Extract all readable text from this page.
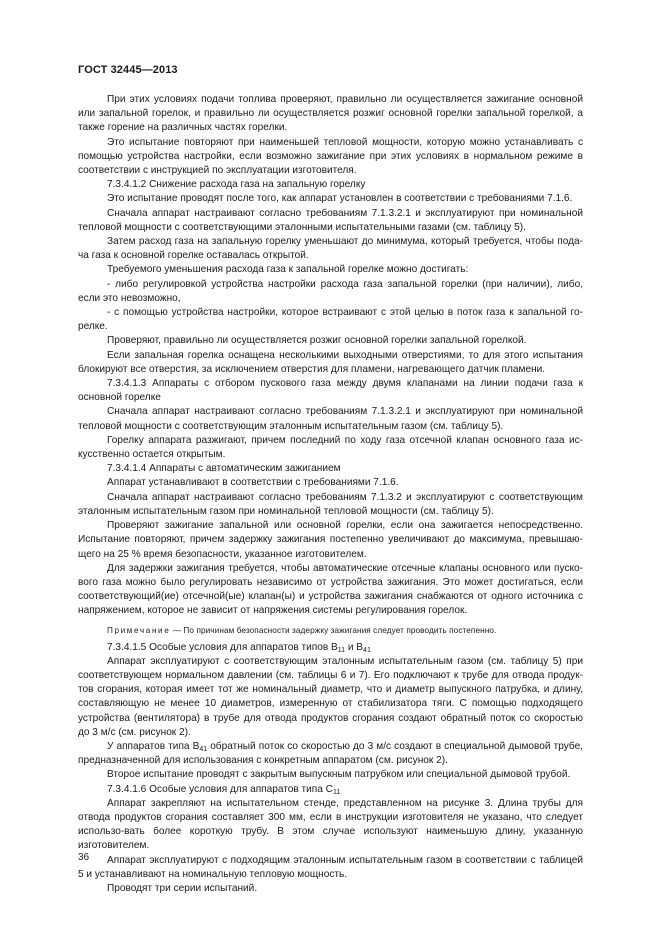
ГОСТ 32445—2013

При этих условиях подачи топлива проверяют, правильно ли осуществляется зажигание основной или запальной горелок, и правильно ли осуществляется розжиг основной горелки запальной горелкой, а также горение на различных частях горелки.

Это испытание повторяют при наименьшей тепловой мощности, которую можно устанавливать с помощью устройства настройки, если возможно зажигание при этих условиях в нормальном режиме в соответствии с инструкцией по эксплуатации изготовителя.

7.3.4.1.2 Снижение расхода газа на запальную горелку

Это испытание проводят после того, как аппарат установлен в соответствии с требованиями 7.1.6.

Сначала аппарат настраивают согласно требованиям 7.1.3.2.1 и эксплуатируют при номинальной тепловой мощности с соответствующими эталонными испытательными газами (см. таблицу 5).

Затем расход газа на запальную горелку уменьшают до минимума, который требуется, чтобы пода-ча газа к основной горелке оставалась открытой.

Требуемого уменьшения расхода газа к запальной горелке можно достигать:

- либо регулировкой устройства настройки расхода газа запальной горелки (при наличии), либо, если это невозможно,

- с помощью устройства настройки, которое встраивают с этой целью в поток газа к запальной го-релке.

Проверяют, правильно ли осуществляется розжиг основной горелки запальной горелкой.

Если запальная горелка оснащена несколькими выходными отверстиями, то для этого испытания блокируют все отверстия, за исключением отверстия для пламени, нагревающего датчик пламени.

7.3.4.1.3 Аппараты с отбором пускового газа между двумя клапанами на линии подачи газа к основной горелке

Сначала аппарат настраивают согласно требованиям 7.1.3.2.1 и эксплуатируют при номинальной тепловой мощности с соответствующим эталонным испытательным газом (см. таблицу 5).

Горелку аппарата разжигают, причем последний по ходу газа отсечной клапан основного газа ис-кусственно остается открытым.

7.3.4.1.4 Аппараты с автоматическим зажиганием

Аппарат устанавливают в соответствии с требованиями 7.1.6.

Сначала аппарат настраивают согласно требованиям 7.1.3.2 и эксплуатируют с соответствующим эталонным испытательным газом при номинальной тепловой мощности (см. таблицу 5).

Проверяют зажигание запальной или основной горелки, если она зажигается непосредственно. Испытание повторяют, причем задержку зажигания постепенно увеличивают до максимума, превышаю-щего на 25 % время безопасности, указанное изготовителем.

Для задержки зажигания требуется, чтобы автоматические отсечные клапаны основного или пуско-вого газа можно было регулировать независимо от устройства зажигания. Это может достигаться, если соответствующий(ие) отсечной(ые) клапан(ы) и устройства зажигания снабжаются от одного источника с напряжением, которое не зависит от напряжения системы регулирования горелок.

Примечание — По причинам безопасности задержку зажигания следует проводить постепенно.

7.3.4.1.5 Особые условия для аппаратов типов $B_{11}$ и $B_{41}$

Аппарат эксплуатируют с соответствующим эталонным испытательным газом (см. таблицу 5) при соответствующем нормальном давлении (см. таблицы 6 и 7). Его подключают к трубе для отвода продук-тов сгорания, которая имеет тот же номинальный диаметр, что и диаметр выпускного патрубка, и длину, составляющую не менее 10 диаметров, измеренную от стабилизатора тяги. С помощью подходящего устройства (вентилятора) в трубе для отвода продуктов сгорания создают обратный поток со скоростью до 3 м/с (см. рисунок 2).

У аппаратов типа $B_{41}$ обратный поток со скоростью до 3 м/с создают в специальной дымовой трубе, предназначенной для использования с конкретным аппаратом (см. рисунок 2).

Второе испытание проводят с закрытым выпускным патрубком или специальной дымовой трубой.

7.3.4.1.6 Особые условия для аппаратов типа $C_{11}$

Аппарат закрепляют на испытательном стенде, представленном на рисунке 3. Длина трубы для отвода продуктов сгорания составляет 300 мм, если в инструкции изготовителя не указано, что следует использо-вать более короткую трубу. В этом случае используют наименьшую длину, указанную изготовителем.

Аппарат эксплуатируют с подходящим эталонным испытательным газом в соответствии с таблицей 5 и устанавливают на номинальную тепловую мощность.

Проводят три серии испытаний.

36
